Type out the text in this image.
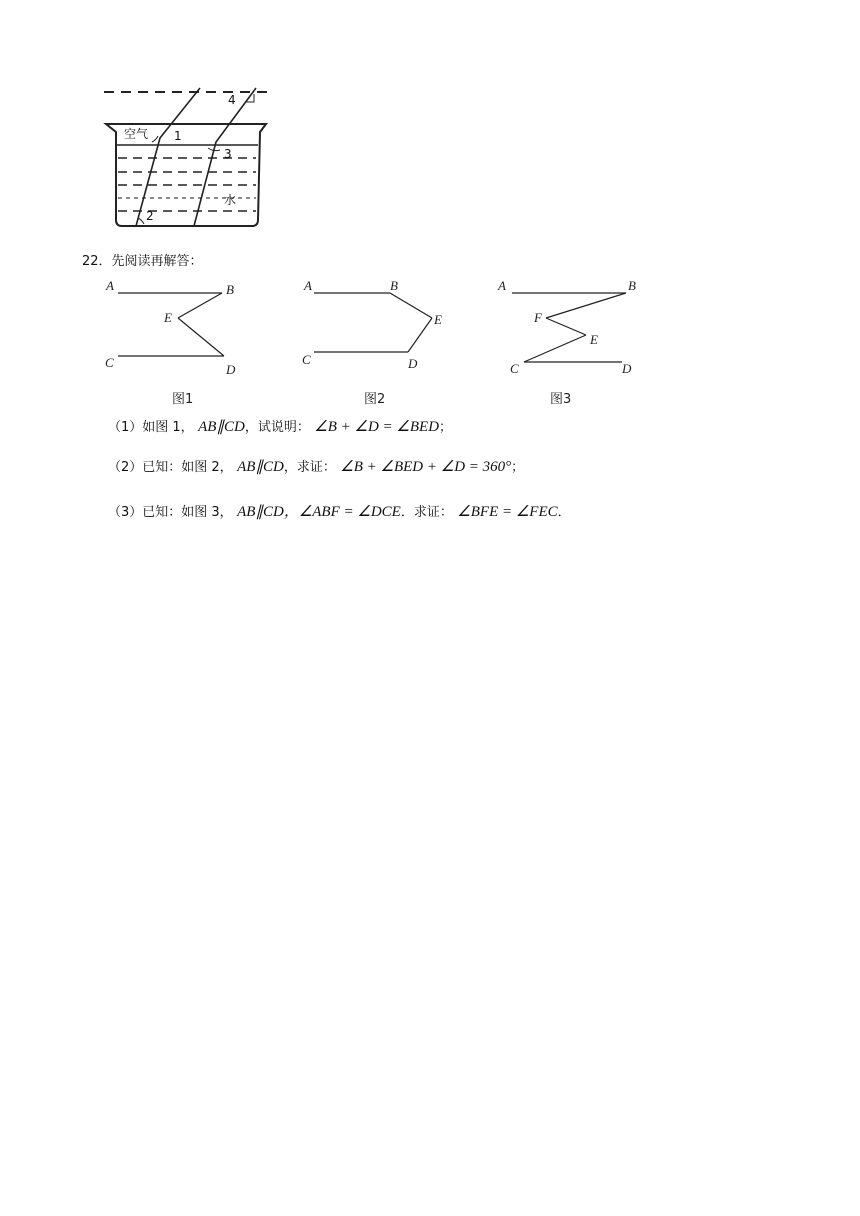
空气
水
1
2
3
4
22．先阅读再解答：
A	B
E
C	D
图1
A	B
E
C	D
图2
A	B
F
E
C	D
图3
（1）如图 1， AB∥CD，试说明： ∠B + ∠D = ∠BED；
（2）已知：如图 2， AB∥CD，求证： ∠B + ∠BED + ∠D = 360°；
（3）已知：如图 3， AB∥CD，∠ABF = ∠DCE．求证： ∠BFE = ∠FEC．
